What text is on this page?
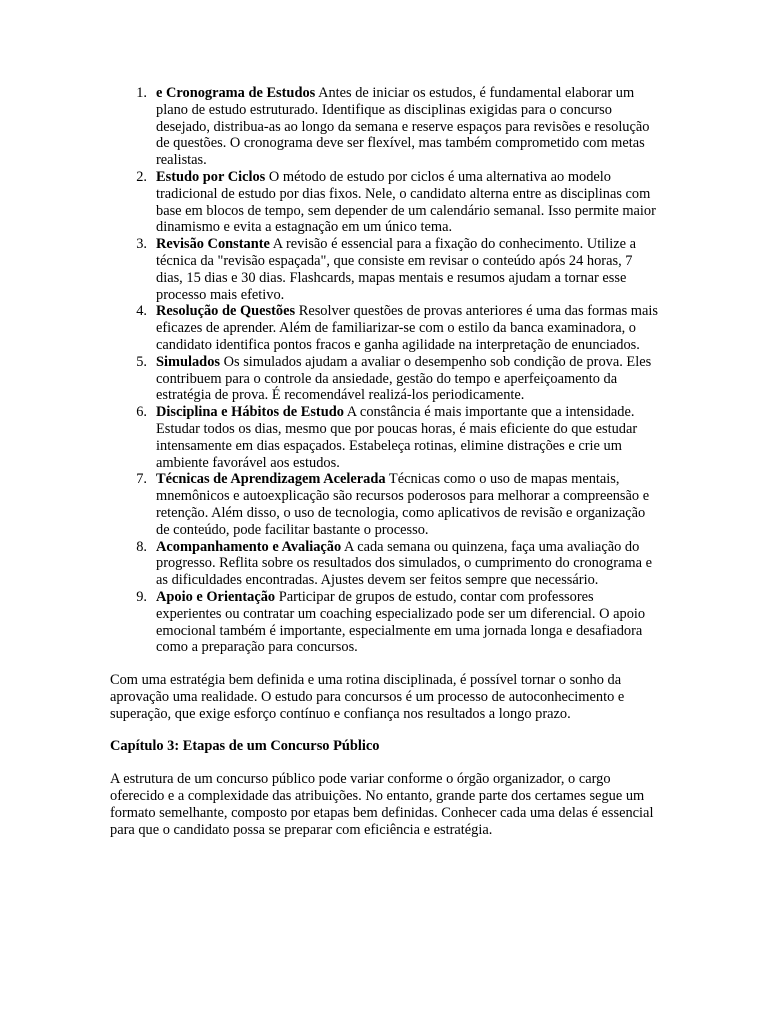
1. e Cronograma de Estudos Antes de iniciar os estudos, é fundamental elaborar um plano de estudo estruturado. Identifique as disciplinas exigidas para o concurso desejado, distribua-as ao longo da semana e reserve espaços para revisões e resolução de questões. O cronograma deve ser flexível, mas também comprometido com metas realistas.
2. Estudo por Ciclos O método de estudo por ciclos é uma alternativa ao modelo tradicional de estudo por dias fixos. Nele, o candidato alterna entre as disciplinas com base em blocos de tempo, sem depender de um calendário semanal. Isso permite maior dinamismo e evita a estagnação em um único tema.
3. Revisão Constante A revisão é essencial para a fixação do conhecimento. Utilize a técnica da "revisão espaçada", que consiste em revisar o conteúdo após 24 horas, 7 dias, 15 dias e 30 dias. Flashcards, mapas mentais e resumos ajudam a tornar esse processo mais efetivo.
4. Resolução de Questões Resolver questões de provas anteriores é uma das formas mais eficazes de aprender. Além de familiarizar-se com o estilo da banca examinadora, o candidato identifica pontos fracos e ganha agilidade na interpretação de enunciados.
5. Simulados Os simulados ajudam a avaliar o desempenho sob condição de prova. Eles contribuem para o controle da ansiedade, gestão do tempo e aperfeiçoamento da estratégia de prova. É recomendável realizá-los periodicamente.
6. Disciplina e Hábitos de Estudo A constância é mais importante que a intensidade. Estudar todos os dias, mesmo que por poucas horas, é mais eficiente do que estudar intensamente em dias espaçados. Estabeleça rotinas, elimine distrações e crie um ambiente favorável aos estudos.
7. Técnicas de Aprendizagem Acelerada Técnicas como o uso de mapas mentais, mnemônicos e autoexplicação são recursos poderosos para melhorar a compreensão e retenção. Além disso, o uso de tecnologia, como aplicativos de revisão e organização de conteúdo, pode facilitar bastante o processo.
8. Acompanhamento e Avaliação A cada semana ou quinzena, faça uma avaliação do progresso. Reflita sobre os resultados dos simulados, o cumprimento do cronograma e as dificuldades encontradas. Ajustes devem ser feitos sempre que necessário.
9. Apoio e Orientação Participar de grupos de estudo, contar com professores experientes ou contratar um coaching especializado pode ser um diferencial. O apoio emocional também é importante, especialmente em uma jornada longa e desafiadora como a preparação para concursos.

Com uma estratégia bem definida e uma rotina disciplinada, é possível tornar o sonho da aprovação uma realidade. O estudo para concursos é um processo de autoconhecimento e superação, que exige esforço contínuo e confiança nos resultados a longo prazo.

Capítulo 3: Etapas de um Concurso Público

A estrutura de um concurso público pode variar conforme o órgão organizador, o cargo oferecido e a complexidade das atribuições. No entanto, grande parte dos certames segue um formato semelhante, composto por etapas bem definidas. Conhecer cada uma delas é essencial para que o candidato possa se preparar com eficiência e estratégia.
